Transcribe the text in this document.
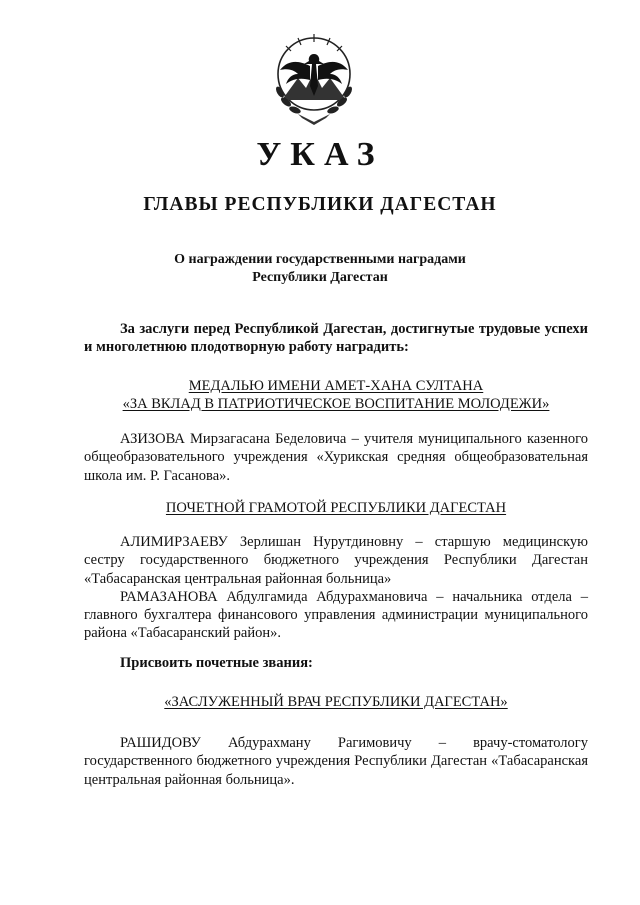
УКАЗ
ГЛАВЫ РЕСПУБЛИКИ ДАГЕСТАН
О награждении государственными наградами
Республики Дагестан
За заслуги перед Республикой Дагестан, достигнутые трудовые успехи и многолетнюю плодотворную работу наградить:
МЕДАЛЬЮ ИМЕНИ АМЕТ-ХАНА СУЛТАНА
«ЗА ВКЛАД В ПАТРИОТИЧЕСКОЕ ВОСПИТАНИЕ МОЛОДЕЖИ»

АЗИЗОВА Мирзагасана Беделовича – учителя муниципального казенного общеобразовательного учреждения «Хурикская средняя общеобразовательная школа им. Р. Гасанова».

ПОЧЕТНОЙ ГРАМОТОЙ РЕСПУБЛИКИ ДАГЕСТАН

АЛИМИРЗАЕВУ Зерлишан Нурутдиновну – старшую медицинскую сестру государственного бюджетного учреждения Республики Дагестан «Табасаранская центральная районная больница»

РАМАЗАНОВА Абдулгамида Абдурахмановича – начальника отдела – главного бухгалтера финансового управления администрации муниципального района «Табасаранский район».

Присвоить почетные звания:
«ЗАСЛУЖЕННЫЙ ВРАЧ РЕСПУБЛИКИ ДАГЕСТАН»

РАШИДОВУ Абдурахману Рагимовичу – врачу-стоматологу государственного бюджетного учреждения Республики Дагестан «Табасаранская центральная районная больница».
